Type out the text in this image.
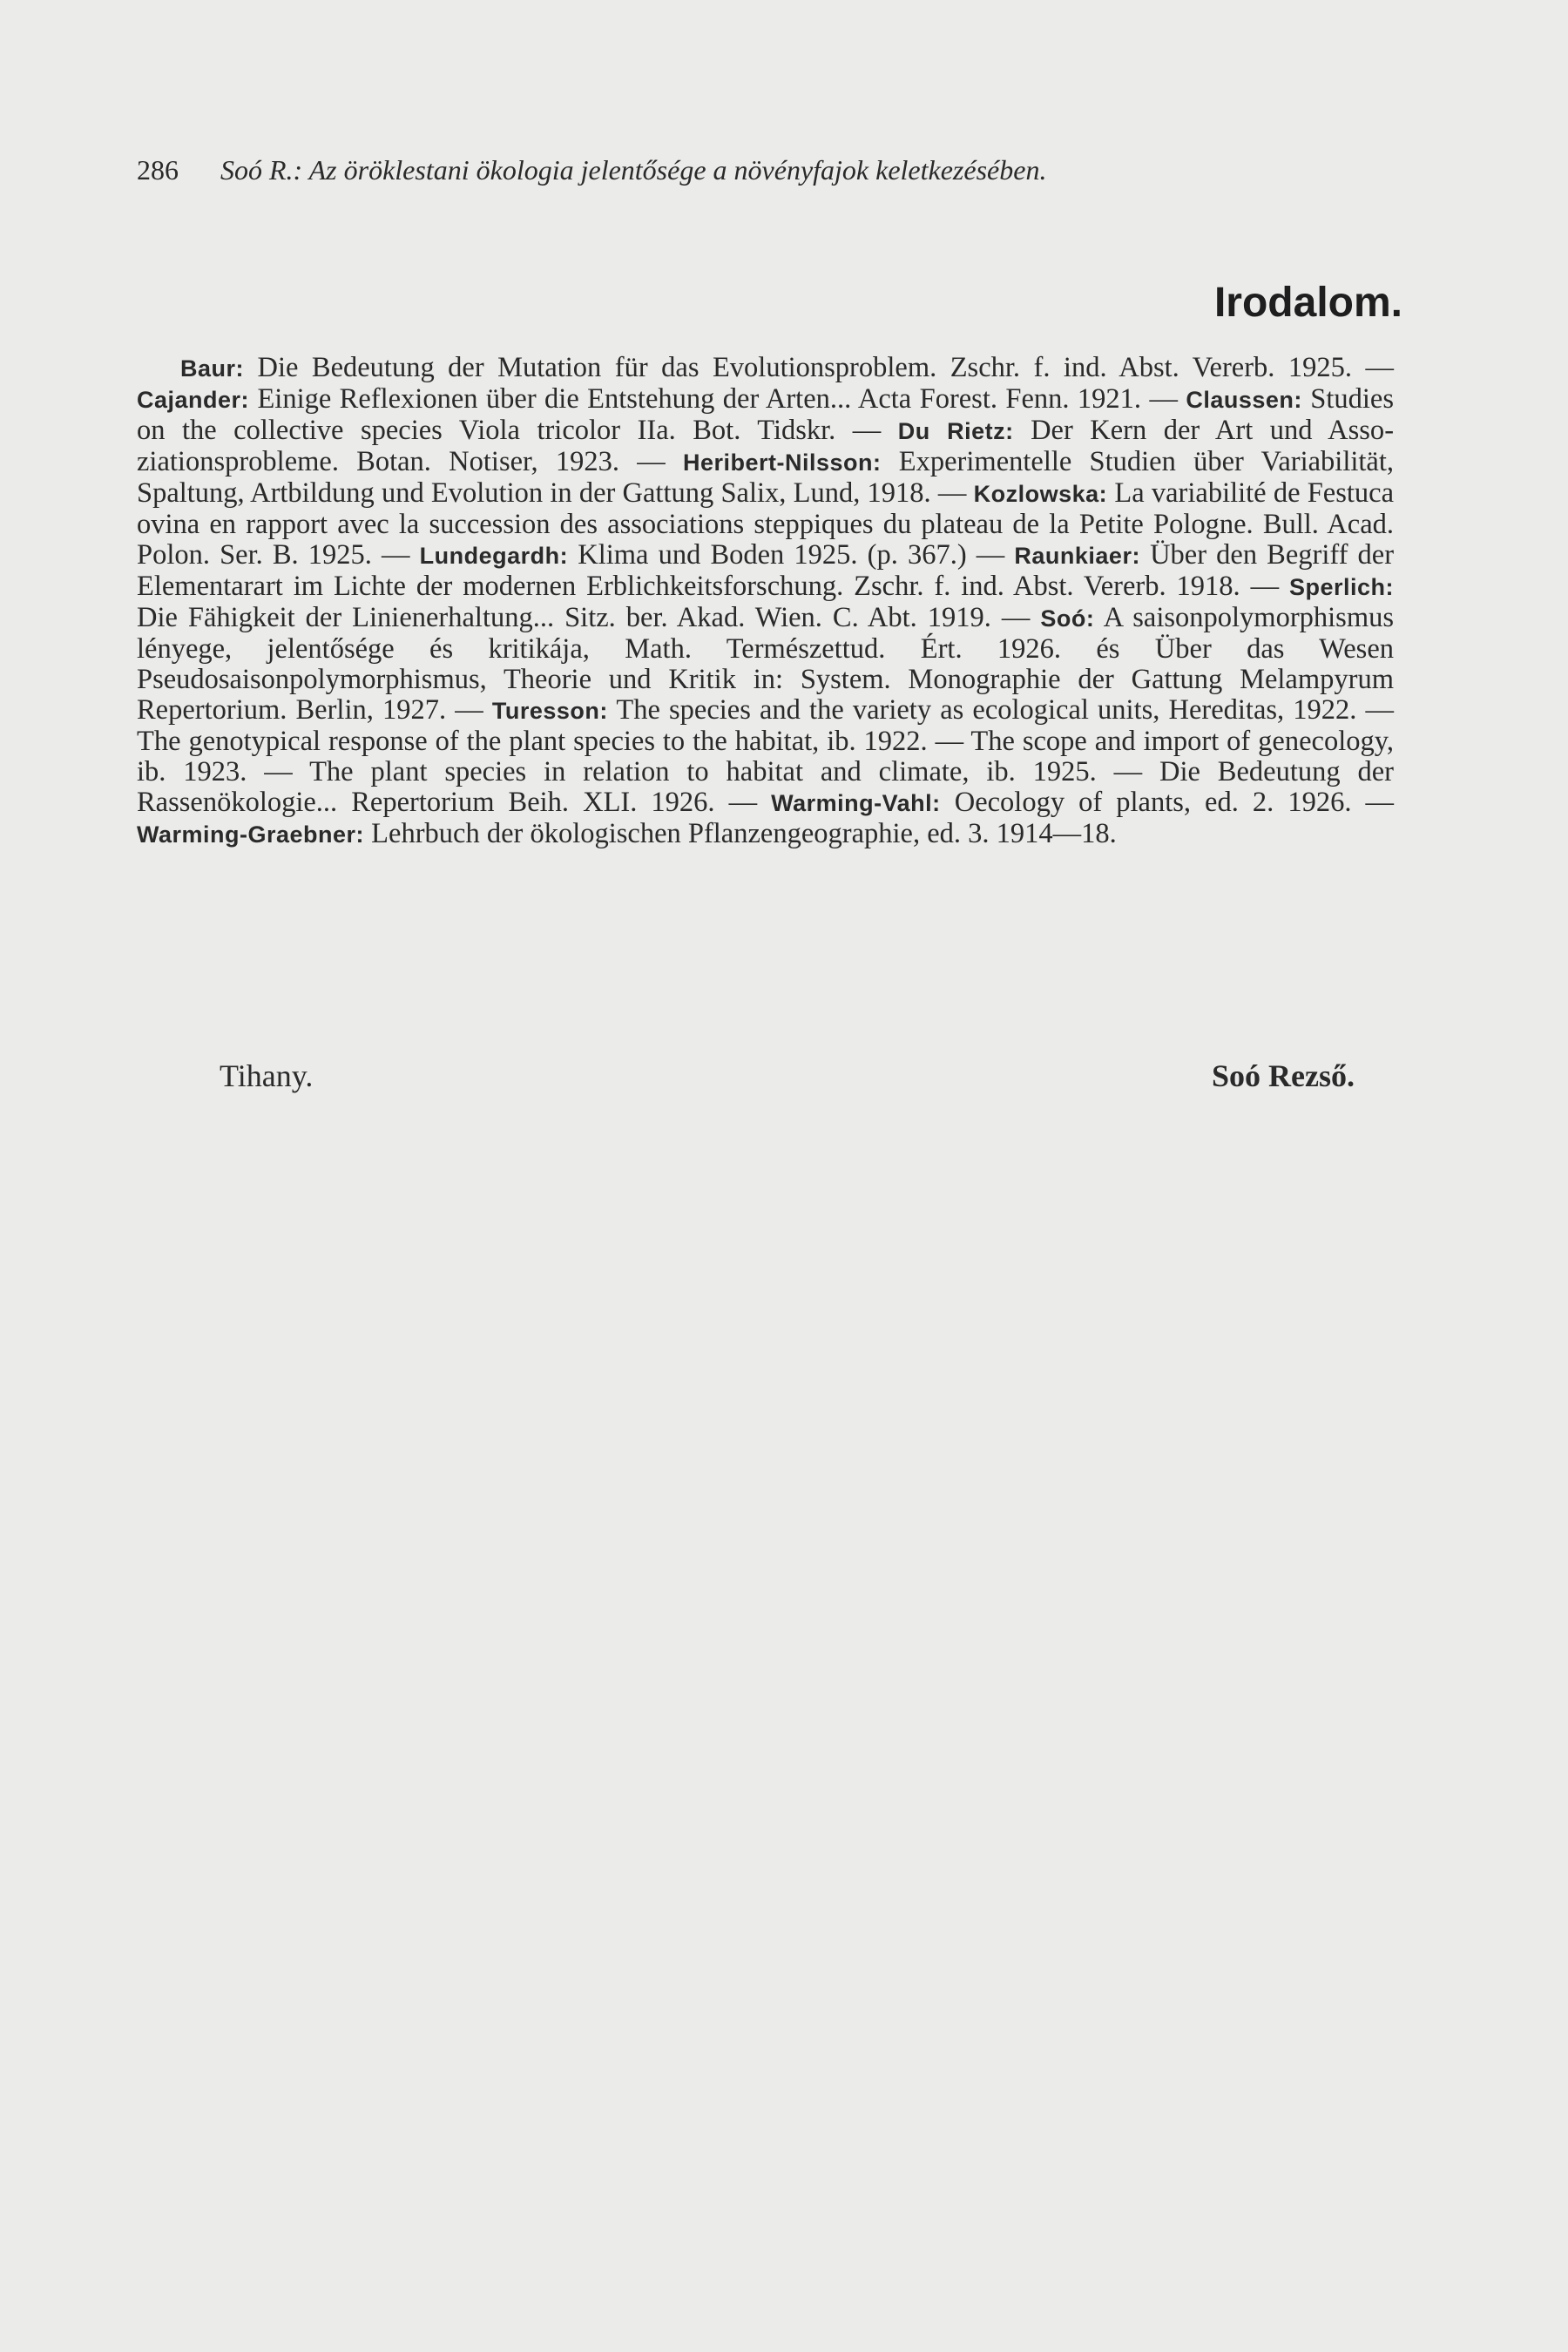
286 Soó R.: Az öröklestani ökologia jelentősége a növényfajok keletkezésében.
Irodalom.

Baur: Die Bedeutung der Mutation für das Evolutionsproblem. Zschr. f. ind. Abst. Vererb. 1925. — Cajander: Einige Reflexionen über die Entstehung der Arten... Acta Forest. Fenn. 1921. — Claussen: Studies on the collective species Viola tricolor IIa. Bot. Tidskr. — Du Rietz: Der Kern der Art und Assoziationsprobleme. Botan. Notiser, 1923. — Heribert-Nilsson: Experimentelle Studien über Variabilität, Spaltung, Artbildung und Evolution in der Gattung Salix, Lund, 1918. — Kozlowska: La variabilité de Festuca ovina en rapport avec la succession des associations steppiques du plateau de la Petite Pologne. Bull. Acad. Polon. Ser. B. 1925. — Lundegardh: Klima und Boden 1925. (p. 367.) — Raunkiaer: Über den Begriff der Elementarart im Lichte der modernen Erblichkeitsforschung. Zschr. f. ind. Abst. Vererb. 1918. — Sperlich: Die Fähigkeit der Linienerhaltung... Sitz. ber. Akad. Wien. C. Abt. 1919. — Soó: A saisonpolymorphismus lényege, jelentősége és kritikája, Math. Természettud. Ért. 1926. és Über das Wesen Pseudosaisonpolymorphismus, Theorie und Kritik in: System. Monographie der Gattung Melampyrum Repertorium. Berlin, 1927. — Turesson: The species and the variety as ecological units, Hereditas, 1922. — The genotypical response of the plant species to the habitat, ib. 1922. — The scope and import of genecology, ib. 1923. — The plant species in relation to habitat and climate, ib. 1925. — Die Bedeutung der Rassenökologie... Repertorium Beih. XLI. 1926. — Warming-Vahl: Oecology of plants, ed. 2. 1926. — Warming-Graebner: Lehrbuch der ökologischen Pflanzengeographie, ed. 3. 1914—18.

Tihany.	Soó Rezső.
